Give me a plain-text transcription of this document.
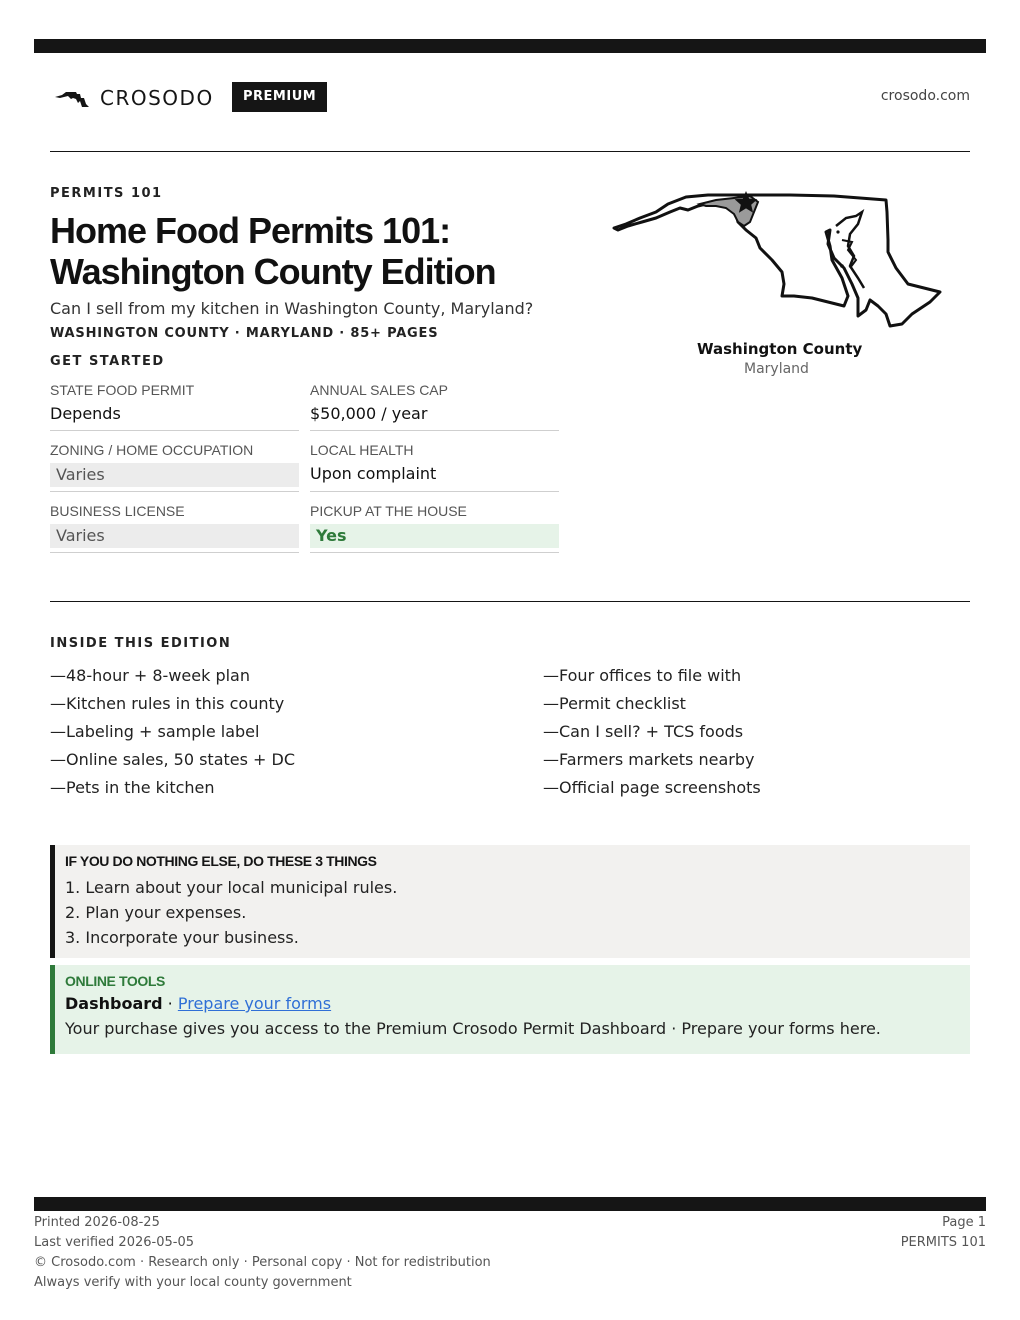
CROSODO	PREMIUM	crosodo.com
PERMITS 101
Home Food Permits 101:
Washington County Edition
Can I sell from my kitchen in Washington County, Maryland?
WASHINGTON COUNTY · MARYLAND · 85+ PAGES
GET STARTED
STATE FOOD PERMIT
Depends
ANNUAL SALES CAP
$50,000 / year
ZONING / HOME OCCUPATION
Varies
LOCAL HEALTH
Upon complaint
BUSINESS LICENSE
Varies
PICKUP AT THE HOUSE
Yes
Washington County
Maryland
INSIDE THIS EDITION
—48-hour + 8-week plan
—Kitchen rules in this county
—Labeling + sample label
—Online sales, 50 states + DC
—Pets in the kitchen
—Four offices to file with
—Permit checklist
—Can I sell? + TCS foods
—Farmers markets nearby
—Official page screenshots
IF YOU DO NOTHING ELSE, DO THESE 3 THINGS
1. Learn about your local municipal rules.
2. Plan your expenses.
3. Incorporate your business.
ONLINE TOOLS
Dashboard · Prepare your forms
Your purchase gives you access to the Premium Crosodo Permit Dashboard · Prepare your forms here.
Printed 2026-08-25
Last verified 2026-05-05
© Crosodo.com · Research only · Personal copy · Not for redistribution
Always verify with your local county government
Page 1
PERMITS 101
